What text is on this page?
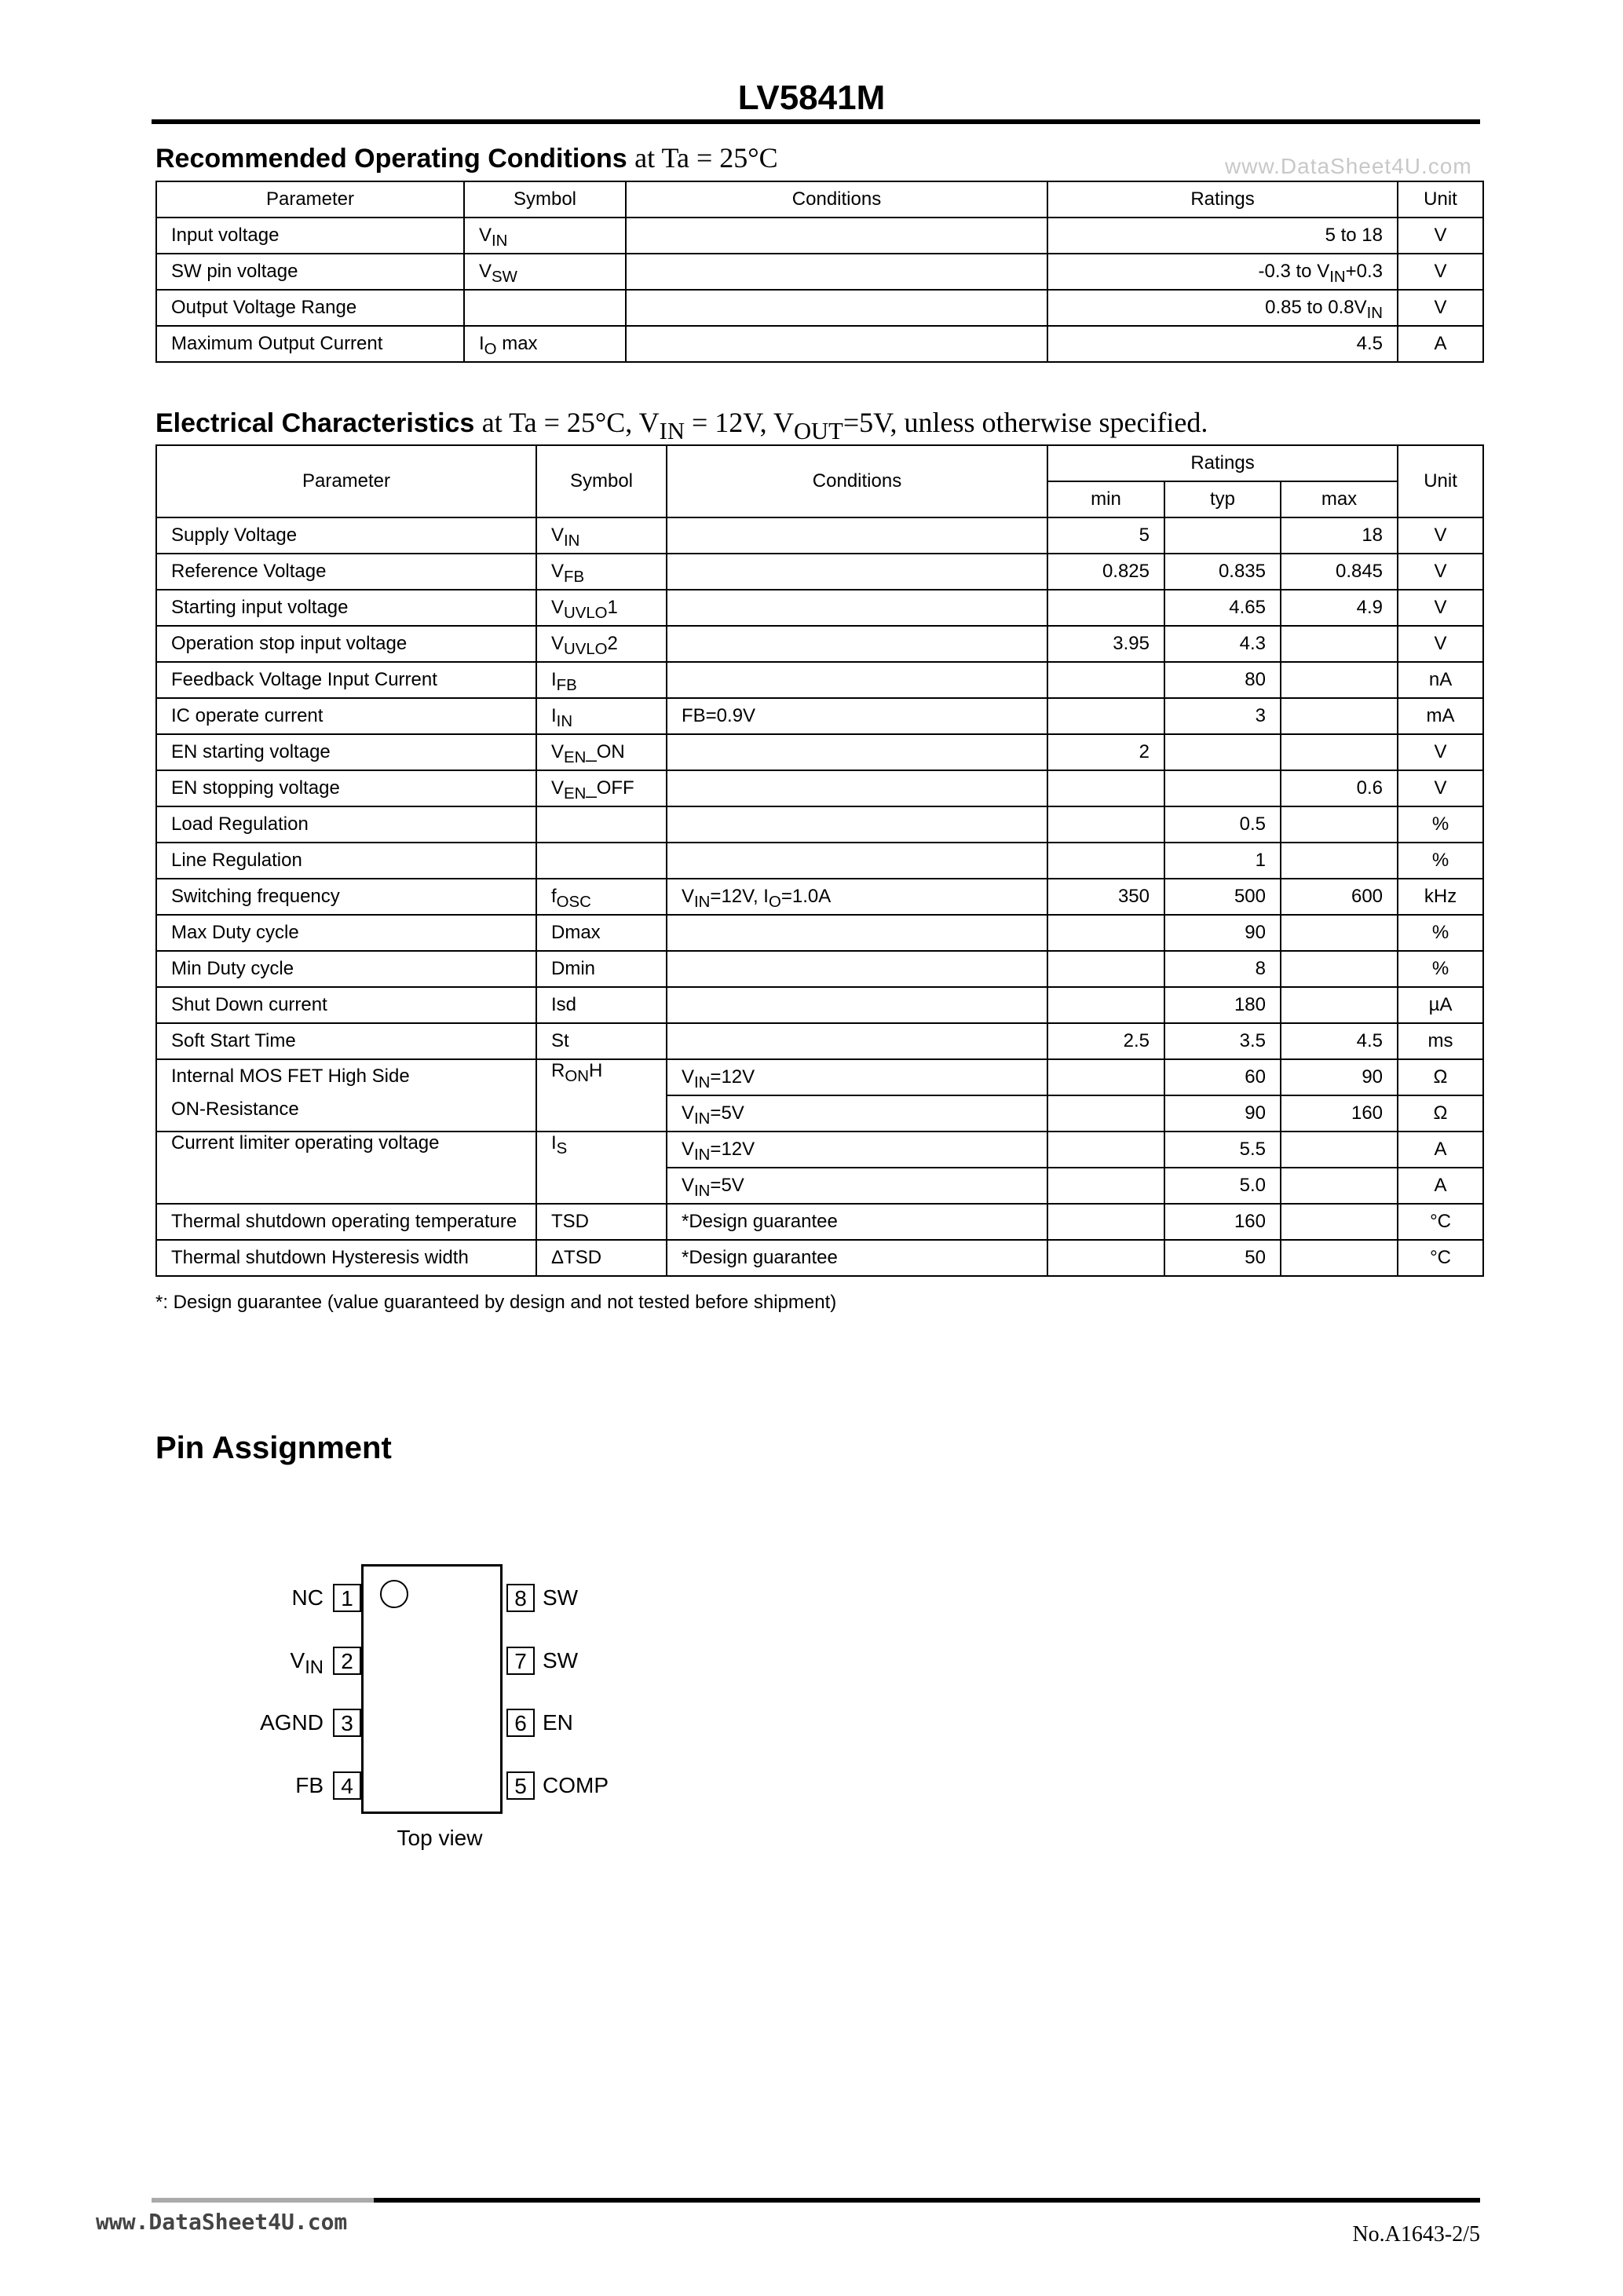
LV5841M
Recommended Operating Conditions at Ta = 25°C	www.DataSheet4U.com
Parameter	Symbol	Conditions	Ratings	Unit
Input voltage	$V_{IN}$		5 to 18	V
SW pin voltage	$V_{SW}$		-0.3 to $V_{IN}+0.3$	V
Output Voltage Range			0.85 to $0.8V_{IN}$	V
Maximum Output Current	$I_O$ max		4.5	A
Electrical Characteristics at Ta = 25°C, $V_{IN} = 12V$, $V_{OUT}=5V$, unless otherwise specified.
Parameter	Symbol	Conditions	Ratings			Unit
			min	typ	max	
Supply Voltage	$V_{IN}$		5		18	V
Reference Voltage	$V_{FB}$		0.825	0.835	0.845	V
Starting input voltage	$V_{UVLO}1$			4.65	4.9	V
Operation stop input voltage	$V_{UVLO}2$		3.95	4.3		V
Feedback Voltage Input Current	$I_{FB}$			80		nA
IC operate current	$I_{IN}$	FB=0.9V		3		mA
EN starting voltage	$V_{EN}\_ON$		2			V
EN stopping voltage	$V_{EN}\_OFF$				0.6	V
Load Regulation				0.5		%
Line Regulation				1		%
Switching frequency	$f_{OSC}$	$V_{IN}=12V$, $I_O=1.0A$	350	500	600	kHz
Max Duty cycle	Dmax			90		%
Min Duty cycle	Dmin			8		%
Shut Down current	Isd			180		µA
Soft Start Time	St		2.5	3.5	4.5	ms
Internal MOS FET High Side
ON-Resistance	$R_{ON}H$	$V_{IN}=12V$		60	90	Ω
		$V_{IN}=5V$		90	160	Ω
Current limiter operating voltage	$I_S$	$V_{IN}=12V$		5.5		A
		$V_{IN}=5V$		5.0		A
Thermal shutdown operating temperature	TSD	*Design guarantee		160		°C
Thermal shutdown Hysteresis width	ΔTSD	*Design guarantee		50		°C
*: Design guarantee (value guaranteed by design and not tested before shipment)
Pin Assignment
NC 1
$V_{IN}$ 2
AGND 3
FB 4
8 SW
7 SW
6 EN
5 COMP
Top view
www.DataSheet4U.com	No.A1643-2/5
